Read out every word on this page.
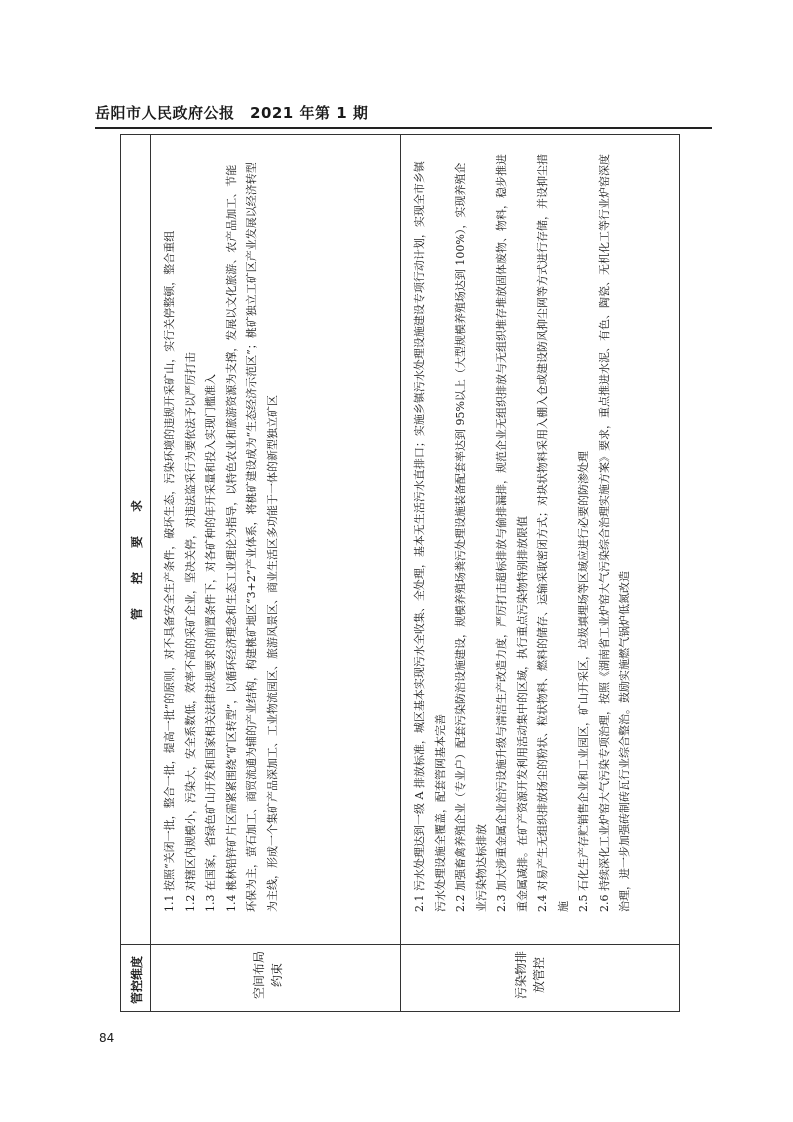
岳阳市人民政府公报　2021 年第 1 期
管控维度
管　　控　　要　　求
空间布局 约束	污染物排 放管控

1.1 按照“关闭一批，整合一批，提高一批”的原则，对不具备安全生产条件，破坏生态，污染环境的违规开采矿山，实行关停整顿，整合重组 1.2 对辖区内规模小，污染大，安全系数低，效率不高的采矿企业，坚决关停，对违法盗采行为要依法予以严厉打击 1.3 在国家，省绿色矿山开发和国家相关法律法规要求的前置条件下，对各矿种的年开采量和投入实现门槛准入 1.4 桃林铅锌矿片区需紧紧围绕“矿区转型”，以循环经济理念和生态工业理论为指导，以特色农业和旅游资源为支撑，发展以文化旅游、农产品加工、节能环保为主，萤石加工、商贸流通为辅的产业结构，构建桃矿地区“3+2”产业体系，将桃矿建设成为“生态经济示范区”；桃矿独立工矿区产业发展以经济转型为主线，形成一个集矿产品深加工、工业物流园区、旅游风景区、商业生活区多功能于一体的新型独立矿区	2.1 污水处理达到一级 A 排放标准，城区基本实现污水全收集、全处理，基本无生活污水直排口；实施乡镇污水处理设施建设专项行动计划，实现全市乡镇污水处理设施全覆盖，配套管网基本完善 2.2 加强畜禽养殖企业（专业户）配套污染防治设施建设，规模养殖场粪污处理设施装备配套率达到 95%以上（大型规模养殖场达到 100%），实现养殖企业污染物达标排放 2.3 加大涉重金属企业治污设施升级与清洁生产改造力度，严厉打击超标排放与偷排漏排，规范企业无组织排放与无组织堆存堆放固体废物、物料，稳步推进重金属减排。在矿产资源开发利用活动集中的区域，执行重点污染物特别排放限值 2.4 对易产生无组织排放扬尘的粉状、粒状物料、燃料的储存、运输采取密闭方式；对块状物料采用入棚入仓或建设防风抑尘网等方式进行存储，并设抑尘措施 2.5 石化生产存贮销售企业和工业园区，矿山开采区，垃圾填埋场等区域应进行必要的防渗处理 2.6 持续深化工业炉窑大气污染专项治理，按照《湖南省工业炉窑大气污染综合治理实施方案》要求，重点推进水泥、有色、陶瓷、无机化工等行业炉窑深度治理，进一步加强砖制砖瓦行业综合整治。鼓励实施燃气锅炉低氮改造

84
